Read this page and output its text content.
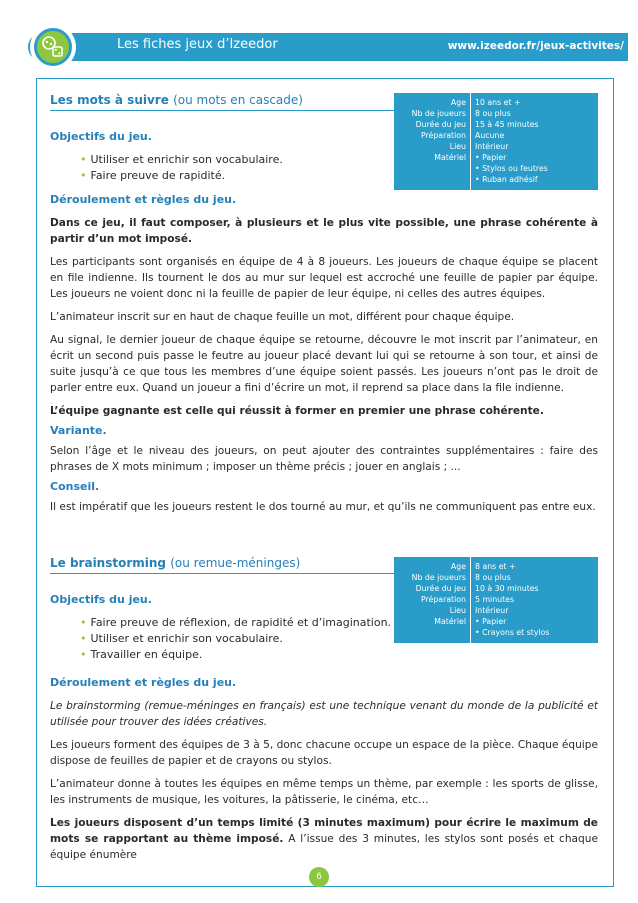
Les fiches jeux d’Izeedor	www.izeedor.fr/jeux-activites/
Les mots à suivre (ou mots en cascade)
Objectifs du jeu.
• Utiliser et enrichir son vocabulaire.
• Faire preuve de rapidité.
Déroulement et règles du jeu.

Dans ce jeu, il faut composer, à plusieurs et le plus vite possible, une phrase cohérente à partir d’un mot imposé.

Les participants sont organisés en équipe de 4 à 8 joueurs. Les joueurs de chaque équipe se placent en file indienne. Ils tournent le dos au mur sur lequel est accroché une feuille de papier par équipe. Les joueurs ne voient donc ni la feuille de papier de leur équipe, ni celles des autres équipes.

L’animateur inscrit sur en haut de chaque feuille un mot, différent pour chaque équipe.

Au signal, le dernier joueur de chaque équipe se retourne, découvre le mot inscrit par l’animateur, en écrit un second puis passe le feutre au joueur placé devant lui qui se retourne à son tour, et ainsi de suite jusqu’à ce que tous les membres d’une équipe soient passés. Les joueurs n’ont pas le droit de parler entre eux. Quand un joueur a fini d’écrire un mot, il reprend sa place dans la file indienne.

L’équipe gagnante est celle qui réussit à former en premier une phrase cohérente.

Variante.

Selon l’âge et le niveau des joueurs, on peut ajouter des contraintes supplémentaires : faire des phrases de X mots minimum ; imposer un thème précis ; jouer en anglais ; ...

Conseil.

Il est impératif que les joueurs restent le dos tourné au mur, et qu’ils ne communiquent pas entre eux.

Age
Nb de joueurs
Durée du jeu
Préparation
Lieu
Matériel
10 ans et +
8 ou plus
15 à 45 minutes
Aucune
Intérieur
• Papier
• Stylos ou feutres
• Ruban adhésif
Le brainstorming (ou remue-méninges)
Objectifs du jeu.
• Faire preuve de réflexion, de rapidité et d’imagination.
• Utiliser et enrichir son vocabulaire.
• Travailler en équipe.
Déroulement et règles du jeu.

Le brainstorming (remue-méninges en français) est une technique venant du monde de la publicité et utilisée pour trouver des idées créatives.

Les joueurs forment des équipes de 3 à 5, donc chacune occupe un espace de la pièce. Chaque équipe dispose de feuilles de papier et de crayons ou stylos.

L’animateur donne à toutes les équipes en même temps un thème, par exemple : les sports de glisse, les instruments de musique, les voitures, la pâtisserie, le cinéma, etc…

Les joueurs disposent d’un temps limité (3 minutes maximum) pour écrire le maximum de mots se rapportant au thème imposé. A l’issue des 3 minutes, les stylos sont posés et chaque équipe énumère

Age
Nb de joueurs
Durée du jeu
Préparation
Lieu
Matériel
8 ans et +
8 ou plus
10 à 30 minutes
5 minutes
Intérieur
• Papier
• Crayons et stylos
6
